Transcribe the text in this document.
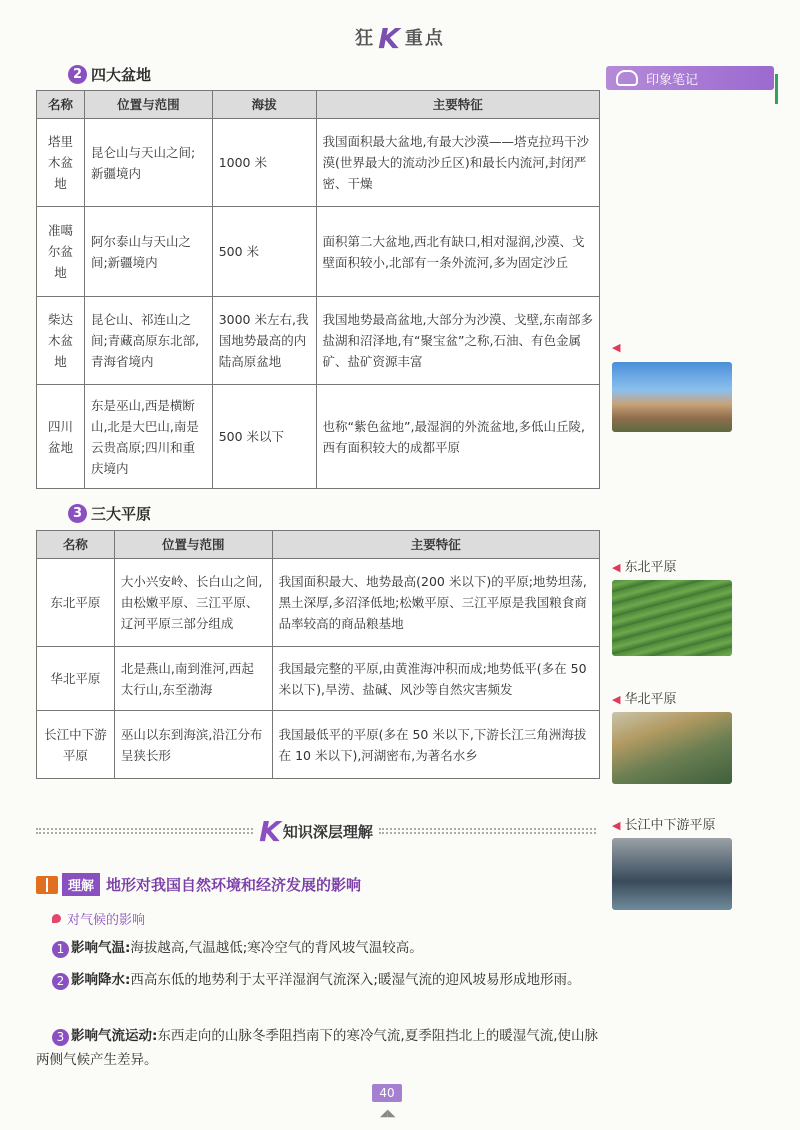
狂 K 重点
印象笔记
2 四大盆地
名称	位置与范围	海拔	主要特征
塔里木盆地	昆仑山与天山之间;新疆境内	1000 米	我国面积最大盆地,有最大沙漠——塔克拉玛干沙漠(世界最大的流动沙丘区)和最长内流河,封闭严密、干燥
准噶尔盆地	阿尔泰山与天山之间;新疆境内	500 米	面积第二大盆地,西北有缺口,相对湿润,沙漠、戈壁面积较小,北部有一条外流河,多为固定沙丘
柴达木盆地	昆仑山、祁连山之间;青藏高原东北部,青海省境内	3000 米左右,我国地势最高的内陆高原盆地	我国地势最高盆地,大部分为沙漠、戈壁,东南部多盐湖和沼泽地,有“聚宝盆”之称,石油、有色金属矿、盐矿资源丰富
四川盆地	东是巫山,西是横断山,北是大巴山,南是云贵高原;四川和重庆境内	500 米以下	也称“紫色盆地”,最湿润的外流盆地,多低山丘陵,西有面积较大的成都平原
3 三大平原
名称	位置与范围	主要特征
东北平原	大小兴安岭、长白山之间,由松嫩平原、三江平原、辽河平原三部分组成	我国面积最大、地势最高(200 米以下)的平原;地势坦荡,黑土深厚,多沼泽低地;松嫩平原、三江平原是我国粮食商品率较高的商品粮基地
华北平原	北是燕山,南到淮河,西起太行山,东至渤海	我国最完整的平原,由黄淮海冲积而成;地势低平(多在 50 米以下),旱涝、盐碱、风沙等自然灾害频发
长江中下游平原	巫山以东到海滨,沿江分布呈狭长形	我国最低平的平原(多在 50 米以下,下游长江三角洲海拔在 10 米以下),河湖密布,为著名水乡
◀
◀ 东北平原
◀ 华北平原
◀ 长江中下游平原
K 知识深层理解
理解 地形对我国自然环境和经济发展的影响
对气候的影响
1 影响气温:海拔越高,气温越低;寒冷空气的背风坡气温较高。
2 影响降水:西高东低的地势利于太平洋湿润气流深入;暖湿气流的迎风坡易形成地形雨。
3 影响气流运动:东西走向的山脉冬季阻挡南下的寒冷气流,夏季阻挡北上的暖湿气流,使山脉两侧气候产生差异。
40
◢◣
